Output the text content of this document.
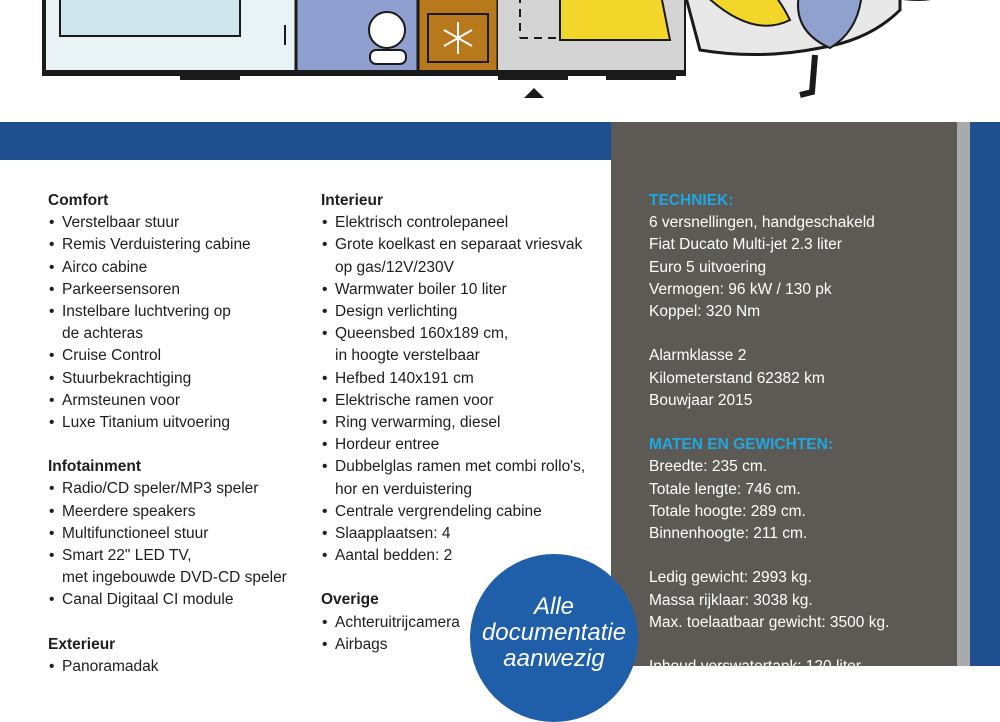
Comfort
• Verstelbaar stuur
• Remis Verduistering cabine
• Airco cabine
• Parkeersensoren
• Instelbare luchtvering op
de achteras
• Cruise Control
• Stuurbekrachtiging
• Armsteunen voor
• Luxe Titanium uitvoering
Infotainment
• Radio/CD speler/MP3 speler
• Meerdere speakers
• Multifunctioneel stuur
• Smart 22" LED TV,
met ingebouwde DVD-CD speler
• Canal Digitaal CI module
Exterieur
• Panoramadak
Interieur
• Elektrisch controlepaneel
• Grote koelkast en separaat vriesvak
op gas/12V/230V
• Warmwater boiler 10 liter
• Design verlichting
• Queensbed 160x189 cm,
in hoogte verstelbaar
• Hefbed 140x191 cm
• Elektrische ramen voor
• Ring verwarming, diesel
• Hordeur entree
• Dubbelglas ramen met combi rollo's,
hor en verduistering
• Centrale vergrendeling cabine
• Slaapplaatsen: 4
• Aantal bedden: 2
Overige
• Achteruitrijcamera
• Airbags
TECHNIEK:
6 versnellingen, handgeschakeld
Fiat Ducato Multi-jet 2.3 liter
Euro 5 uitvoering
Vermogen: 96 kW / 130 pk
Koppel: 320 Nm
Alarmklasse 2
Kilometerstand 62382 km
Bouwjaar 2015
MATEN EN GEWICHTEN:
Breedte: 235 cm.
Totale lengte: 746 cm.
Totale hoogte: 289 cm.
Binnenhoogte: 211 cm.
Ledig gewicht: 2993 kg.
Massa rijklaar: 3038 kg.
Max. toelaatbaar gewicht: 3500 kg.
Inhoud verswatertank: 120 liter
Alle
documentatie
aanwezig
